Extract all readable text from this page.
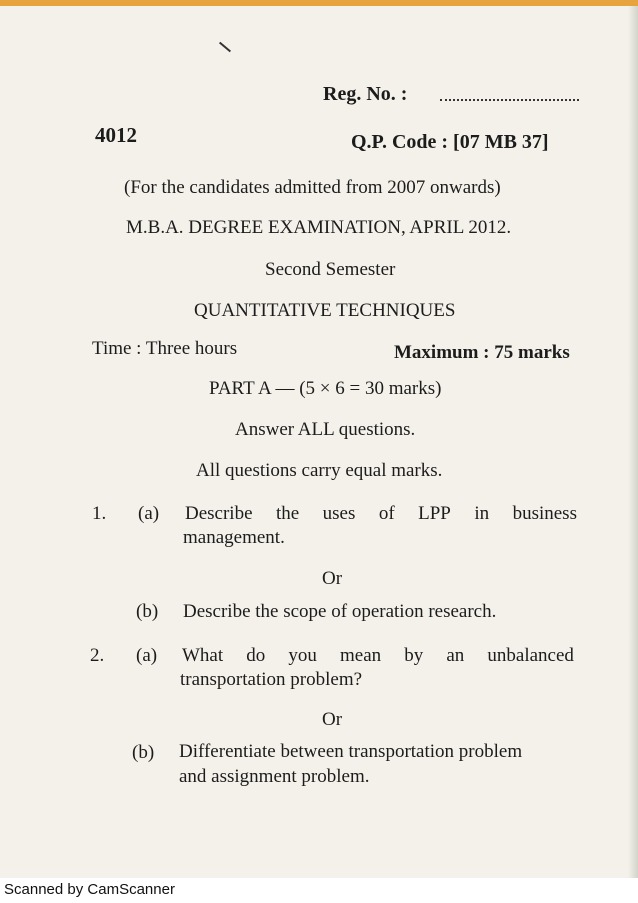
Reg. No. :
4012	Q.P. Code : [07 MB 37]
(For the candidates admitted from 2007 onwards)
M.B.A. DEGREE EXAMINATION, APRIL 2012.
Second Semester
QUANTITATIVE TECHNIQUES
Time : Three hours	Maximum : 75 marks
PART A — (5 × 6 = 30 marks)
Answer ALL questions.
All questions carry equal marks.
1. (a) Describe the uses of LPP in business
management.
Or
(b) Describe the scope of operation research.
2. (a) What do you mean by an unbalanced
transportation problem?
Or
(b) Differentiate between transportation problem
and assignment problem.
Scanned by CamScanner
